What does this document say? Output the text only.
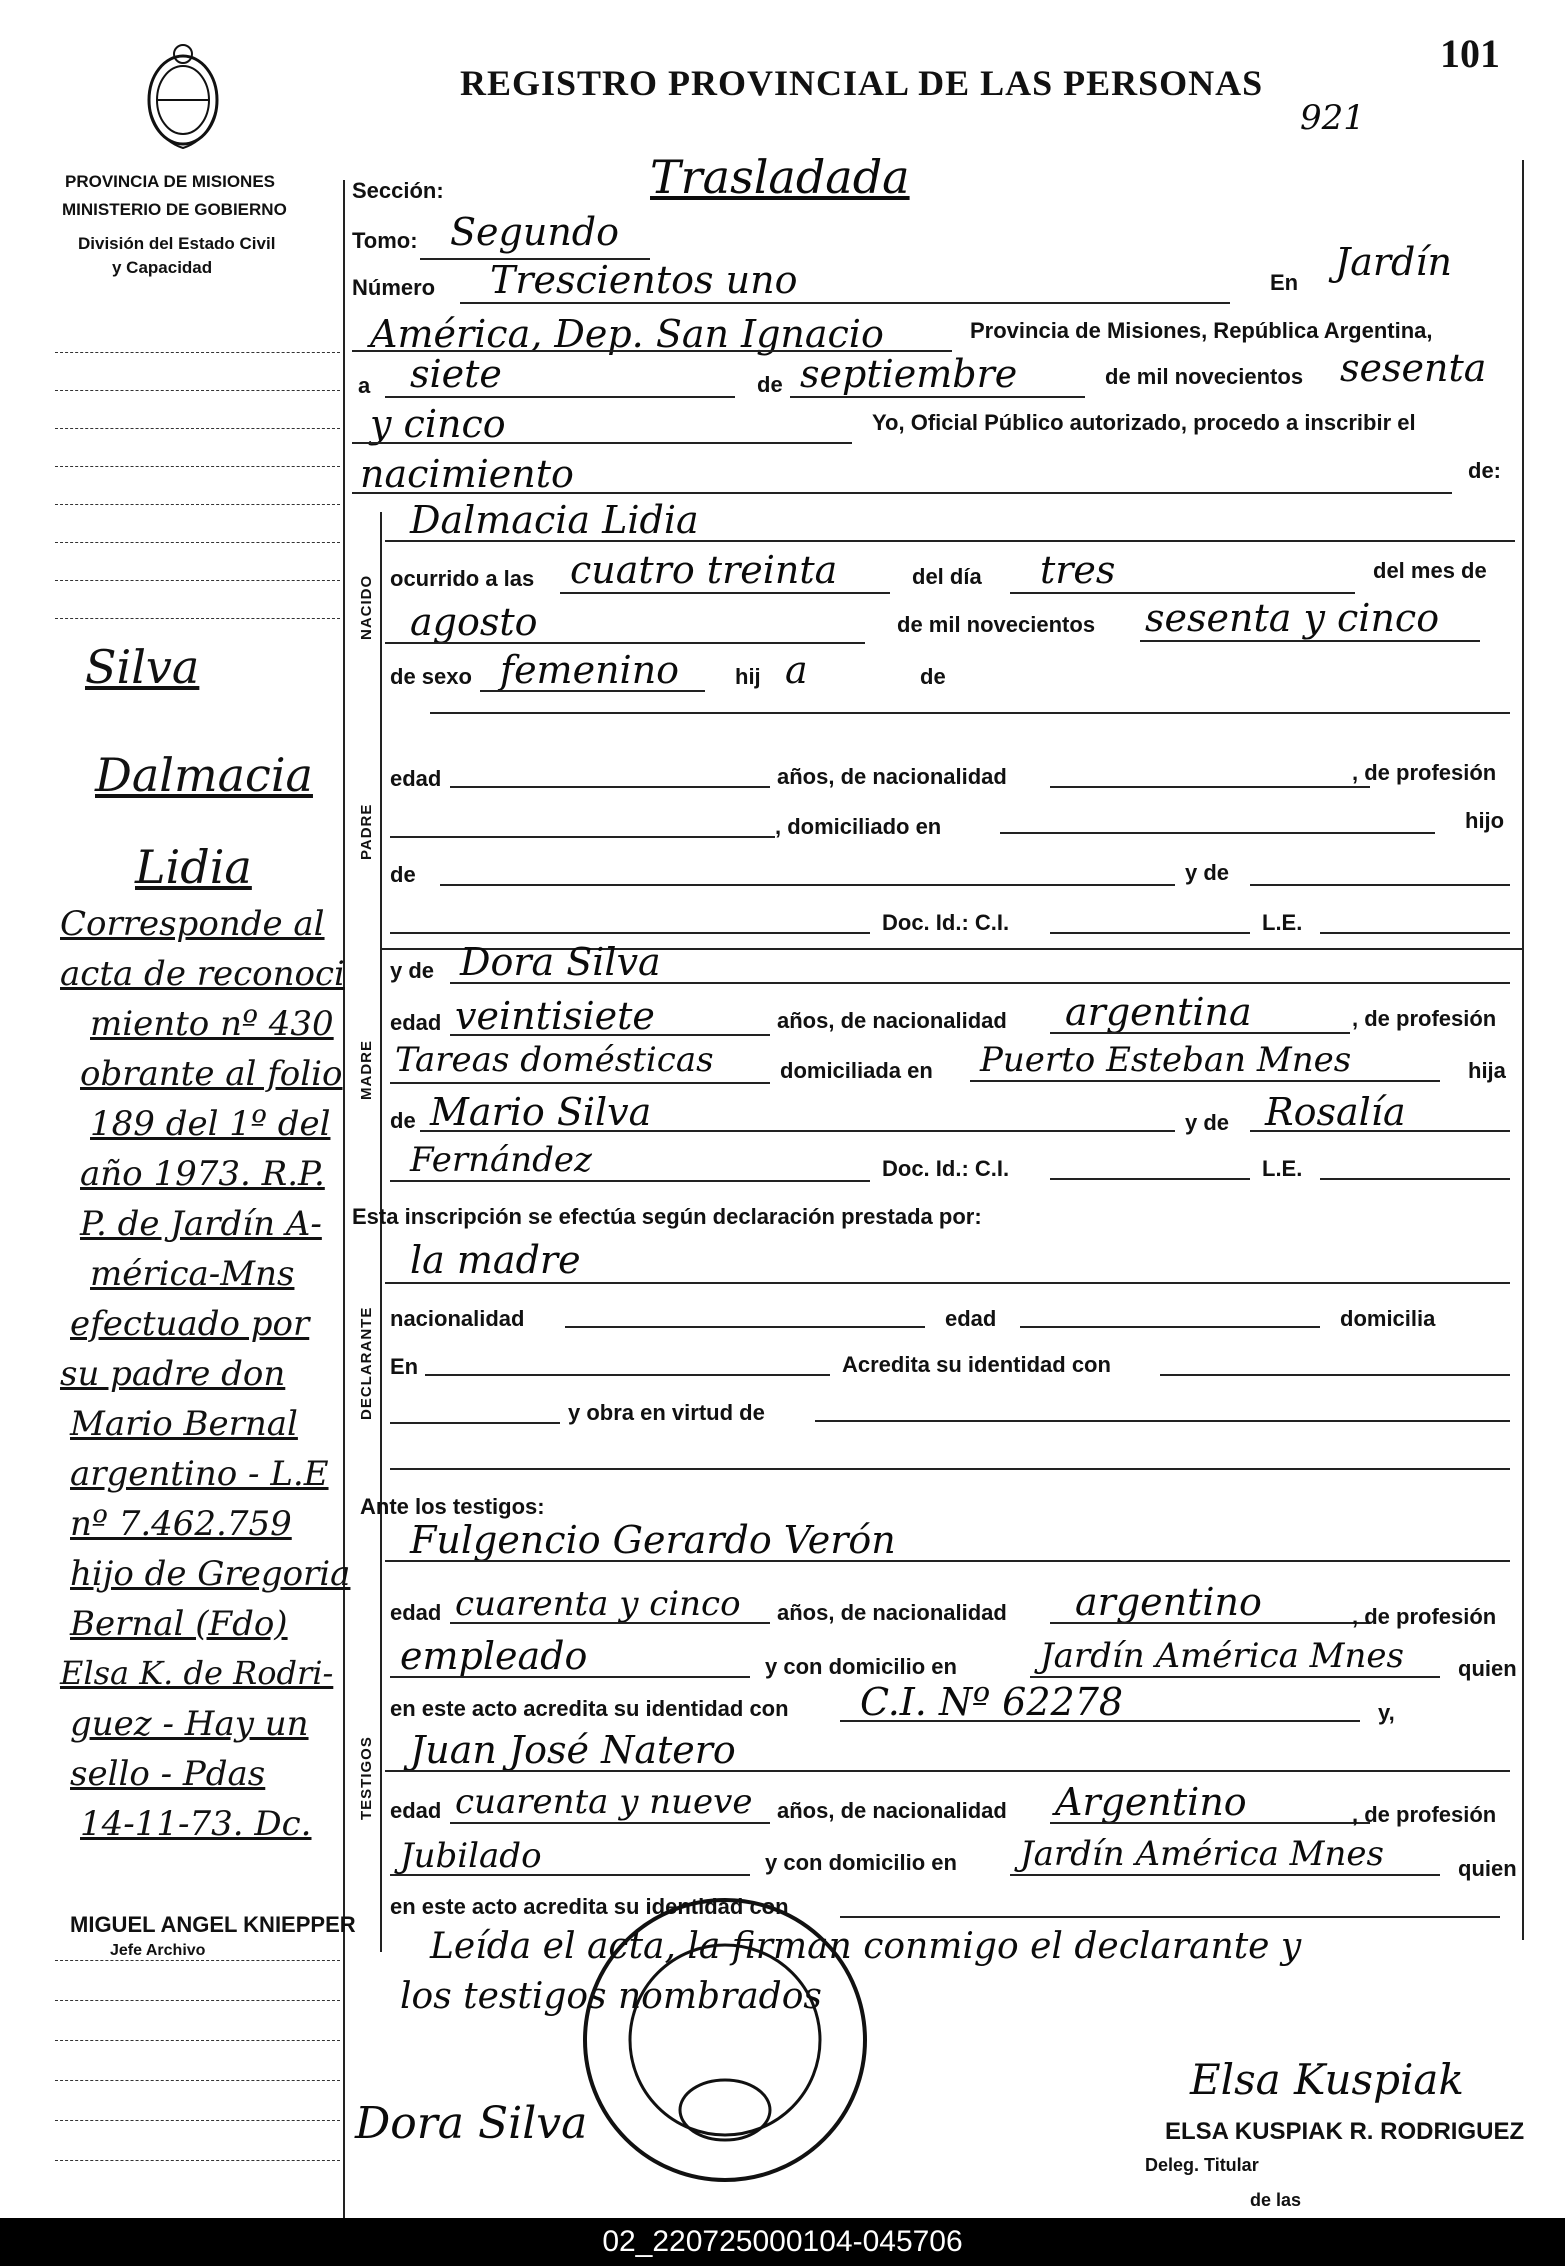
PROVINCIA DE MISIONES
MINISTERIO DE GOBIERNO
División del Estado Civil
y Capacidad
REGISTRO PROVINCIAL DE LAS PERSONAS
101
921
Sección:	Trasladada
Tomo: Segundo
Número Trescientos uno	En Jardín
América, Dep. San Ignacio	Provincia de Misiones, República Argentina,
a siete	de septiembre	de mil novecientos sesenta
y cinco	Yo, Oficial Público autorizado, procedo a inscribir el
nacimiento	de:
NACIDO
Dalmacia Lidia
ocurrido a las cuatro treinta	del día tres	del mes de
agosto	de mil novecientos sesenta y cinco
de sexo femenino	hij a	de
PADRE
edad	años, de nacionalidad	, de profesión
, domiciliado en	hijo
de	y de
Doc. Id.: C.I.	L.E.
MADRE
y de Dora Silva
edad veintisiete	años, de nacionalidad argentina	, de profesión
Tareas domésticas	domiciliada en Puerto Esteban Mnes	hija
de Mario Silva	y de Rosalía
Fernández	Doc. Id.: C.I.	L.E.
Esta inscripción se efectúa según declaración prestada por:
DECLARANTE
la madre
nacionalidad	edad	domicilia
En	Acredita su identidad con
y obra en virtud de
Ante los testigos:
TESTIGOS
Fulgencio Gerardo Verón
edad cuarenta y cinco años, de nacionalidad argentino	, de profesión
empleado	y con domicilio en Jardín América Mnes quien
en este acto acredita su identidad con C.I. Nº 62278	y,
Juan José Natero
edad cuarenta y nueve años, de nacionalidad Argentino	, de profesión
Jubilado	y con domicilio en Jardín América Mnes	quien
en este acto acredita su identidad con
Leída el acta, la firman conmigo el declarante y
los testigos nombrados
Dora Silva
Elsa Kuspiak
ELSA KUSPIAK R. RODRIGUEZ
Deleg. Titular
de las
Silva
Dalmacia
Lidia
Corresponde al
acta de reconoci
miento nº 430
obrante al folio
189 del 1º del
año 1973. R.P.
P. de Jardín A-
mérica-Mns
efectuado por
su padre don
Mario Bernal
argentino - L.E
nº 7.462.759
hijo de Gregoria
Bernal (Fdo)
Elsa K. de Rodri-
guez - Hay un
sello - Pdas
14-11-73. Dc.
MIGUEL ANGEL KNIEPPER
Jefe Archivo
02_220725000104-045706
